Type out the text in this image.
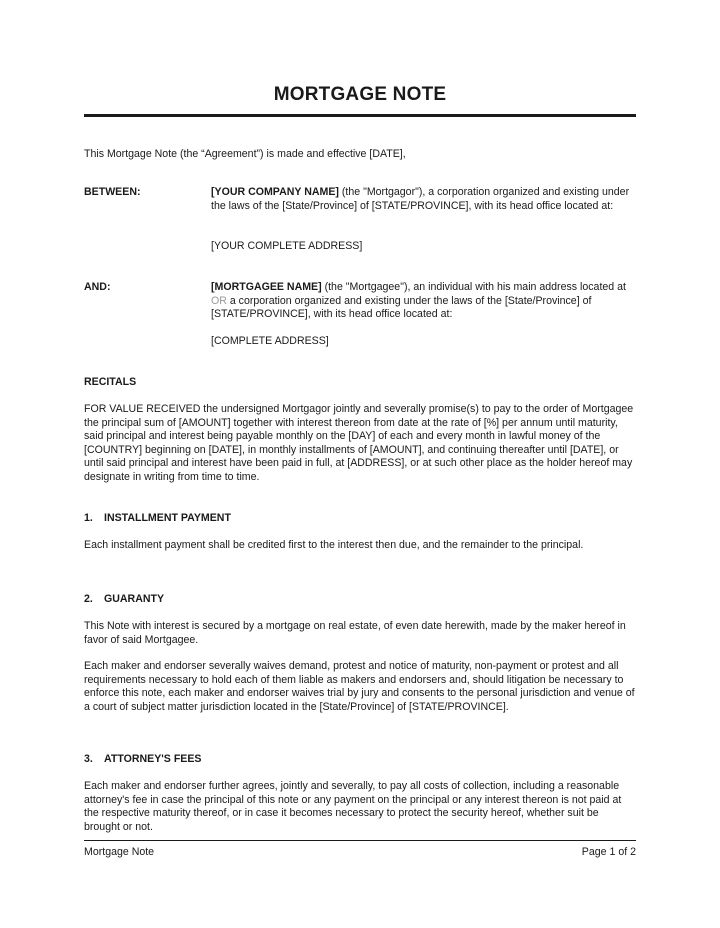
MORTGAGE NOTE

This Mortgage Note (the “Agreement”) is made and effective [DATE],

BETWEEN:	[YOUR COMPANY NAME] (the "Mortgagor"), a corporation organized and existing under the laws of the [State/Province] of [STATE/PROVINCE], with its head office located at:

[YOUR COMPLETE ADDRESS]

AND:	[MORTGAGEE NAME] (the "Mortgagee"), an individual with his main address located at OR a corporation organized and existing under the laws of the [State/Province] of [STATE/PROVINCE], with its head office located at:

[COMPLETE ADDRESS]

RECITALS

FOR VALUE RECEIVED the undersigned Mortgagor jointly and severally promise(s) to pay to the order of Mortgagee the principal sum of [AMOUNT] together with interest thereon from date at the rate of [%] per annum until maturity, said principal and interest being payable monthly on the [DAY] of each and every month in lawful money of the [COUNTRY] beginning on [DATE], in monthly installments of [AMOUNT], and continuing thereafter until [DATE], or until said principal and interest have been paid in full, at [ADDRESS], or at such other place as the holder hereof may designate in writing from time to time.

1. INSTALLMENT PAYMENT

Each installment payment shall be credited first to the interest then due, and the remainder to the principal.

2. GUARANTY

This Note with interest is secured by a mortgage on real estate, of even date herewith, made by the maker hereof in favor of said Mortgagee.

Each maker and endorser severally waives demand, protest and notice of maturity, non-payment or protest and all requirements necessary to hold each of them liable as makers and endorsers and, should litigation be necessary to enforce this note, each maker and endorser waives trial by jury and consents to the personal jurisdiction and venue of a court of subject matter jurisdiction located in the [State/Province] of [STATE/PROVINCE].

3. ATTORNEY'S FEES

Each maker and endorser further agrees, jointly and severally, to pay all costs of collection, including a reasonable attorney's fee in case the principal of this note or any payment on the principal or any interest thereon is not paid at the respective maturity thereof, or in case it becomes necessary to protect the security hereof, whether suit be brought or not.

Mortgage Note	Page 1 of 2
